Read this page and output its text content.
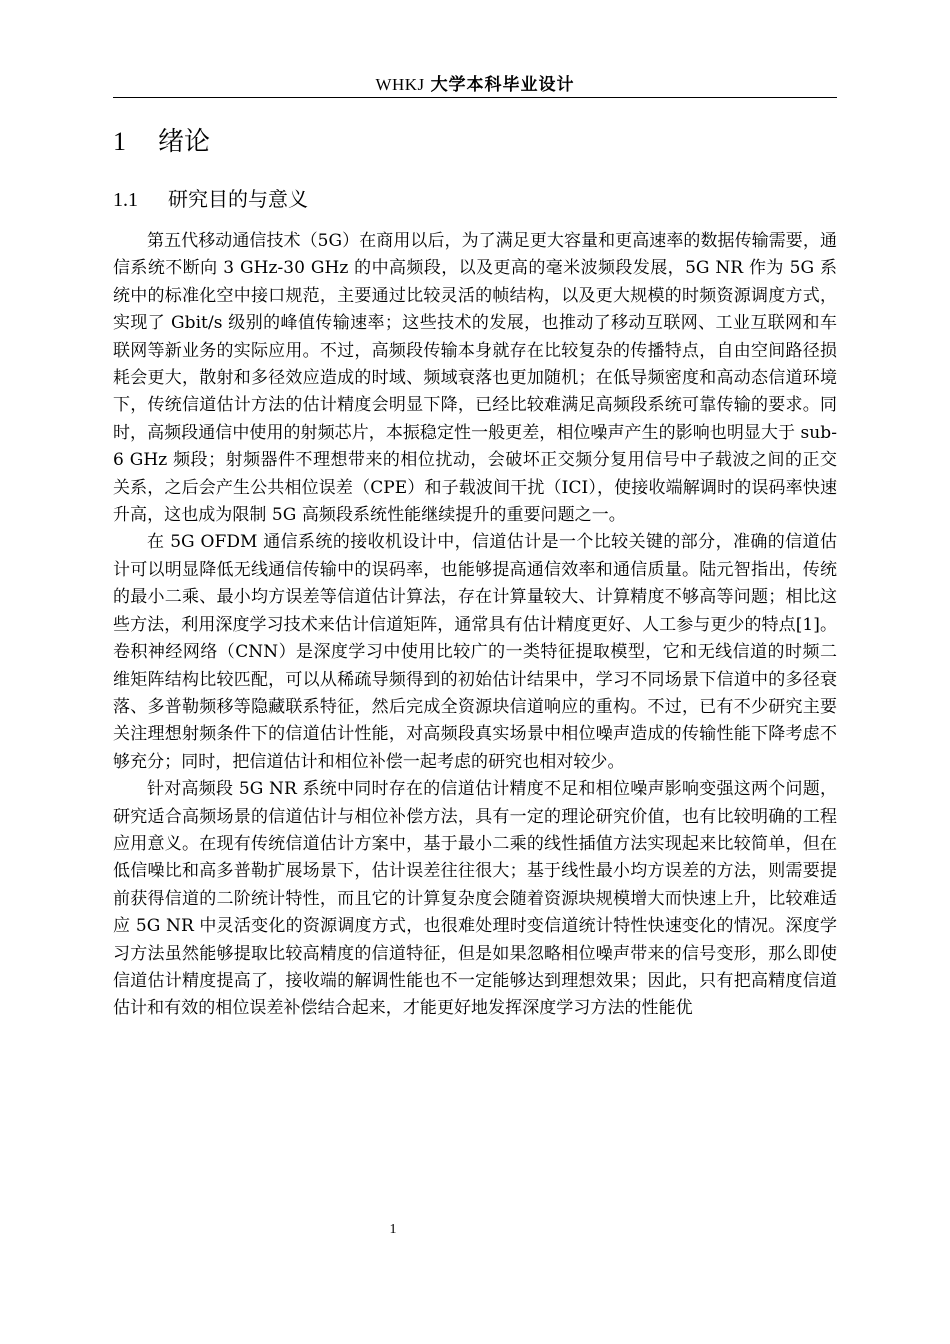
WHKJ 大学本科毕业设计
1 绪论
1.1 研究目的与意义

第五代移动通信技术（5G）在商用以后，为了满足更大容量和更高速率的数据传输需要，通信系统不断向 3 GHz-30 GHz 的中高频段，以及更高的毫米波频段发展，5G NR 作为 5G 系统中的标准化空中接口规范，主要通过比较灵活的帧结构，以及更大规模的时频资源调度方式，实现了 Gbit/s 级别的峰值传输速率；这些技术的发展，也推动了移动互联网、工业互联网和车联网等新业务的实际应用。不过，高频段传输本身就存在比较复杂的传播特点，自由空间路径损耗会更大，散射和多径效应造成的时域、频域衰落也更加随机；在低导频密度和高动态信道环境下，传统信道估计方法的估计精度会明显下降，已经比较难满足高频段系统可靠传输的要求。同时，高频段通信中使用的射频芯片，本振稳定性一般更差，相位噪声产生的影响也明显大于 sub-6 GHz 频段；射频器件不理想带来的相位扰动，会破坏正交频分复用信号中子载波之间的正交关系，之后会产生公共相位误差（CPE）和子载波间干扰（ICI），使接收端解调时的误码率快速升高，这也成为限制 5G 高频段系统性能继续提升的重要问题之一。

在 5G OFDM 通信系统的接收机设计中，信道估计是一个比较关键的部分，准确的信道估计可以明显降低无线通信传输中的误码率，也能够提高通信效率和通信质量。陆元智指出，传统的最小二乘、最小均方误差等信道估计算法，存在计算量较大、计算精度不够高等问题；相比这些方法，利用深度学习技术来估计信道矩阵，通常具有估计精度更好、人工参与更少的特点[1]。卷积神经网络（CNN）是深度学习中使用比较广的一类特征提取模型，它和无线信道的时频二维矩阵结构比较匹配，可以从稀疏导频得到的初始估计结果中，学习不同场景下信道中的多径衰落、多普勒频移等隐藏联系特征，然后完成全资源块信道响应的重构。不过，已有不少研究主要关注理想射频条件下的信道估计性能，对高频段真实场景中相位噪声造成的传输性能下降考虑不够充分；同时，把信道估计和相位补偿一起考虑的研究也相对较少。

针对高频段 5G NR 系统中同时存在的信道估计精度不足和相位噪声影响变强这两个问题，研究适合高频场景的信道估计与相位补偿方法，具有一定的理论研究价值，也有比较明确的工程应用意义。在现有传统信道估计方案中，基于最小二乘的线性插值方法实现起来比较简单，但在低信噪比和高多普勒扩展场景下，估计误差往往很大；基于线性最小均方误差的方法，则需要提前获得信道的二阶统计特性，而且它的计算复杂度会随着资源块规模增大而快速上升，比较难适应 5G NR 中灵活变化的资源调度方式，也很难处理时变信道统计特性快速变化的情况。深度学习方法虽然能够提取比较高精度的信道特征，但是如果忽略相位噪声带来的信号变形，那么即使信道估计精度提高了，接收端的解调性能也不一定能够达到理想效果；因此，只有把高精度信道估计和有效的相位误差补偿结合起来，才能更好地发挥深度学习方法的性能优

1
